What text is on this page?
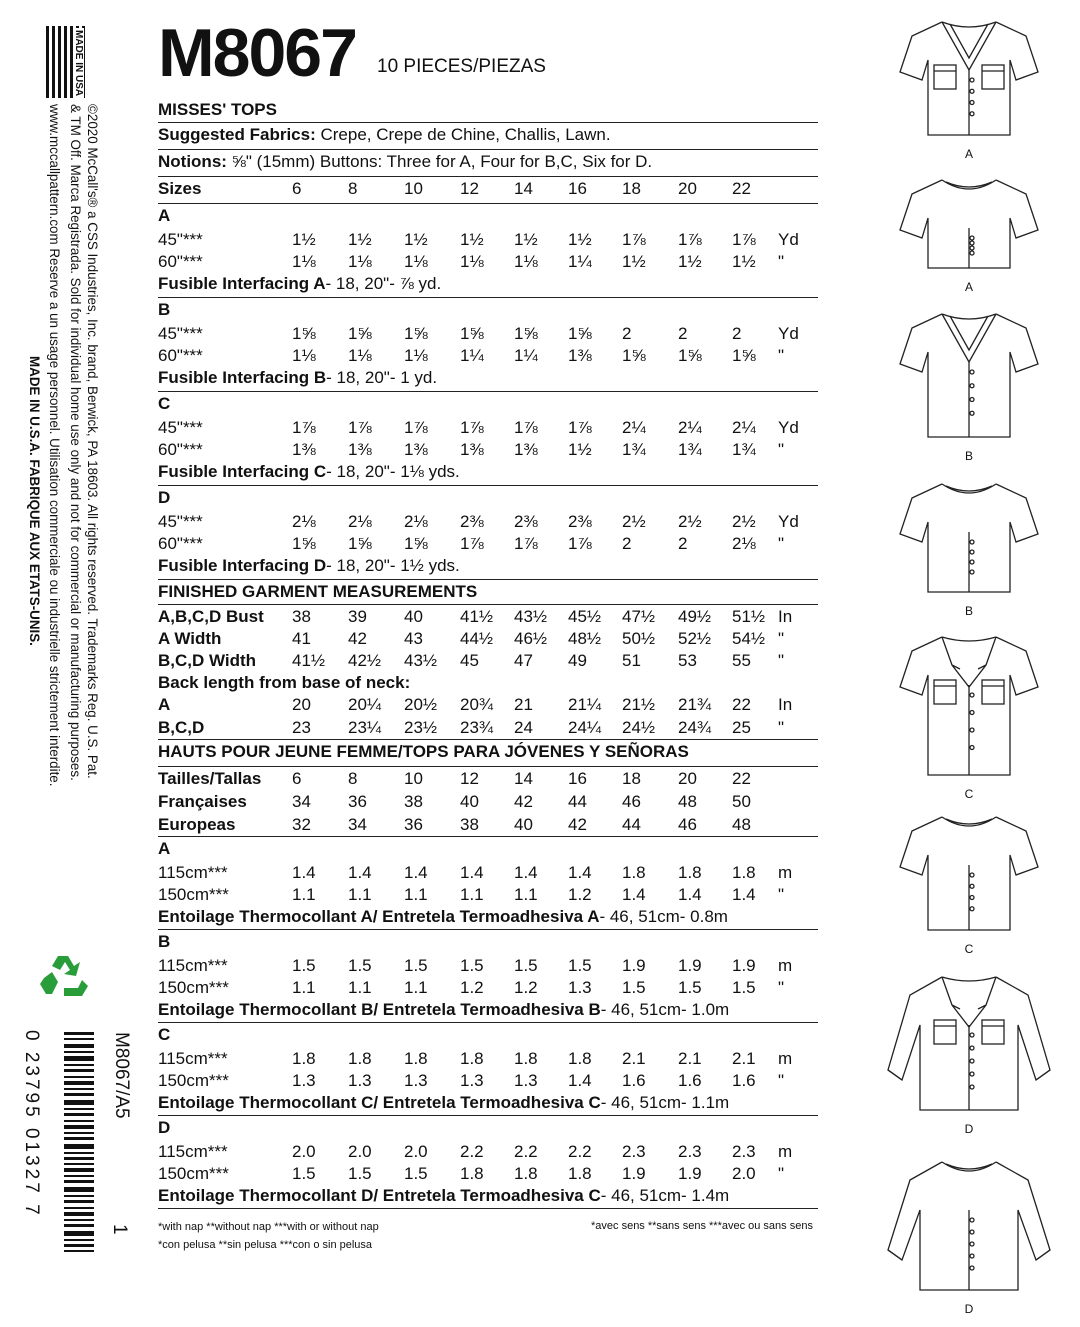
MADE IN USA
©2020 McCall's® a CSS Industries, Inc. brand, Berwick, PA 18603. All rights reserved. Trademarks Reg. U.S. Pat.
& TM Off. Marca Registrada. Sold for individual home use only and not for commercial or manufacturing purposes.
www.mccallpattern.com Reserve a un usage personnel. Utilisation commerciale ou industrielle strictement interdite.
MADE IN U.S.A. FABRIQUE AUX ETATS-UNIS.
0 23795 01327 7	M8067/A5
1
M8067 10 PIECES/PIEZAS
MISSES' TOPS
Suggested Fabrics: Crepe, Crepe de Chine, Challis, Lawn.
Notions: ⅝" (15mm) Buttons: Three for A, Four for B,C, Six for D.
Sizes	6	8	10 12 14 16 18 20 22
A
45"***	1½ 1½ 1½ 1½ 1½ 1½ 1⅞ 1⅞ 1⅞ Yd
60"***	1⅛ 1⅛ 1⅛ 1⅛ 1⅛ 1¼ 1½ 1½ 1½ "
Fusible Interfacing A- 18, 20"- ⅞ yd.
B
45"***	1⅝ 1⅝ 1⅝ 1⅝ 1⅝ 1⅝ 2	2	2 Yd
60"***	1⅛ 1⅛ 1⅛ 1¼ 1¼ 1⅜ 1⅝ 1⅝ 1⅝ "
Fusible Interfacing B- 18, 20"- 1 yd.
C
45"***	1⅞ 1⅞ 1⅞ 1⅞ 1⅞ 1⅞ 2¼ 2¼ 2¼ Yd
60"***	1⅜ 1⅜ 1⅜ 1⅜ 1⅜ 1½ 1¾ 1¾ 1¾ "
Fusible Interfacing C- 18, 20"- 1⅛ yds.
D
45"***	2⅛ 2⅛ 2⅛ 2⅜ 2⅜ 2⅜ 2½ 2½ 2½ Yd
60"***	1⅝ 1⅝ 1⅝ 1⅞ 1⅞ 1⅞ 2	2	2⅛ "
Fusible Interfacing D- 18, 20"- 1½ yds.
FINISHED GARMENT MEASUREMENTS
A,B,C,D Bust 38 39 40 41½ 43½ 45½ 47½ 49½ 51½ In
A Width	41 42 43 44½ 46½ 48½ 50½ 52½ 54½ "
B,C,D Width 41½ 42½ 43½ 45 47 49 51 53 55 "
Back length from base of neck:
A	20 20¼ 20½ 20¾ 21 21¼ 21½ 21¾ 22 In
B,C,D	23 23¼ 23½ 23¾ 24 24¼ 24½ 24¾ 25 "
HAUTS POUR JEUNE FEMME/TOPS PARA JÓVENES Y SEÑORAS
Tailles/Tallas 6	8	10 12 14 16 18 20 22
Françaises	34 36 38 40 42 44 46 48 50
Europeas	32 34 36 38 40 42 44 46 48
A
115cm***	1.4 1.4 1.4 1.4 1.4 1.4 1.8 1.8 1.8 m
150cm***	1.1 1.1 1.1 1.1 1.1 1.2 1.4 1.4 1.4 "
Entoilage Thermocollant A/ Entretela Termoadhesiva A- 46, 51cm- 0.8m
B
115cm***	1.5 1.5 1.5 1.5 1.5 1.5 1.9 1.9 1.9 m
150cm***	1.1 1.1 1.1 1.2 1.2 1.3 1.5 1.5 1.5 "
Entoilage Thermocollant B/ Entretela Termoadhesiva B- 46, 51cm- 1.0m
C
115cm***	1.8 1.8 1.8 1.8 1.8 1.8 2.1 2.1 2.1 m
150cm***	1.3 1.3 1.3 1.3 1.3 1.4 1.6 1.6 1.6 "
Entoilage Thermocollant C/ Entretela Termoadhesiva C- 46, 51cm- 1.1m
D
115cm***	2.0 2.0 2.0 2.2 2.2 2.2 2.3 2.3 2.3 m
150cm***	1.5 1.5 1.5 1.8 1.8 1.8 1.9 1.9 2.0 "
Entoilage Thermocollant D/ Entretela Termoadhesiva C- 46, 51cm- 1.4m
*with nap **without nap ***with or without nap
*con pelusa **sin pelusa ***con o sin pelusa
*avec sens **sans sens ***avec ou sans sens
A
A
B
B
C
C
D
D
